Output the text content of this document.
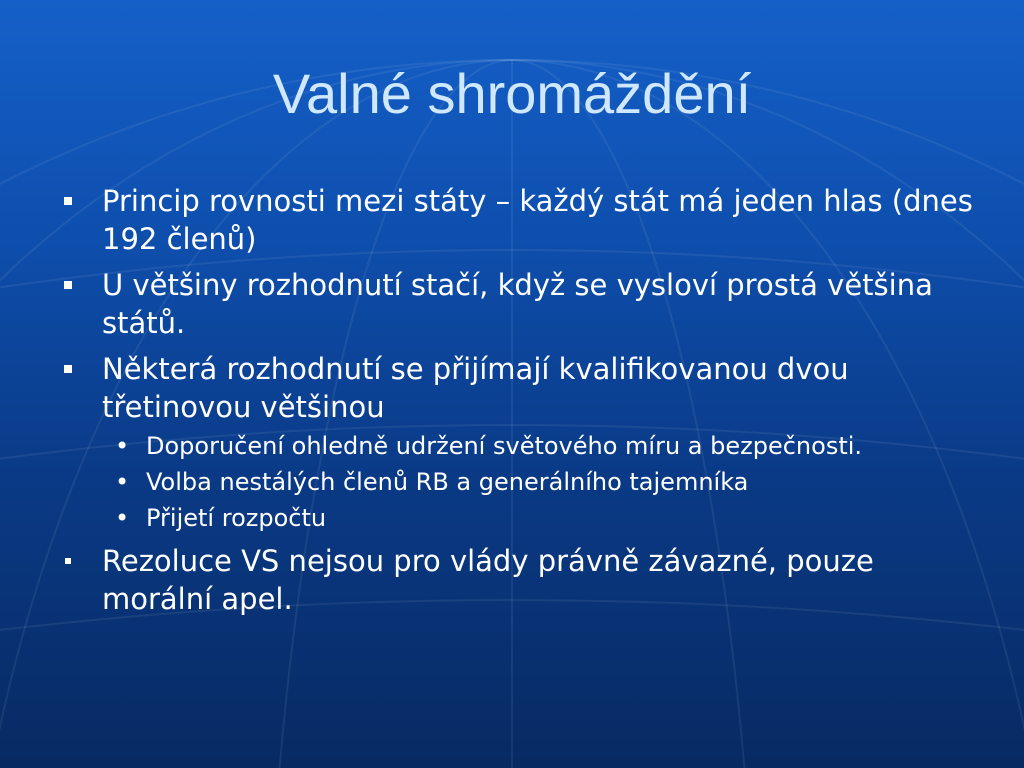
Valné shromáždění
Princip rovnosti mezi státy – každý stát má jeden hlas (dnes 192 členů)
U většiny rozhodnutí stačí, když se vysloví prostá většina států.
Některá rozhodnutí se přijímají kvalifikovanou dvou třetinovou většinou
• Doporučení ohledně udržení světového míru a bezpečnosti.
• Volba nestálých členů RB a generálního tajemníka
• Přijetí rozpočtu
Rezoluce VS nejsou pro vlády právně závazné, pouze morální apel.
